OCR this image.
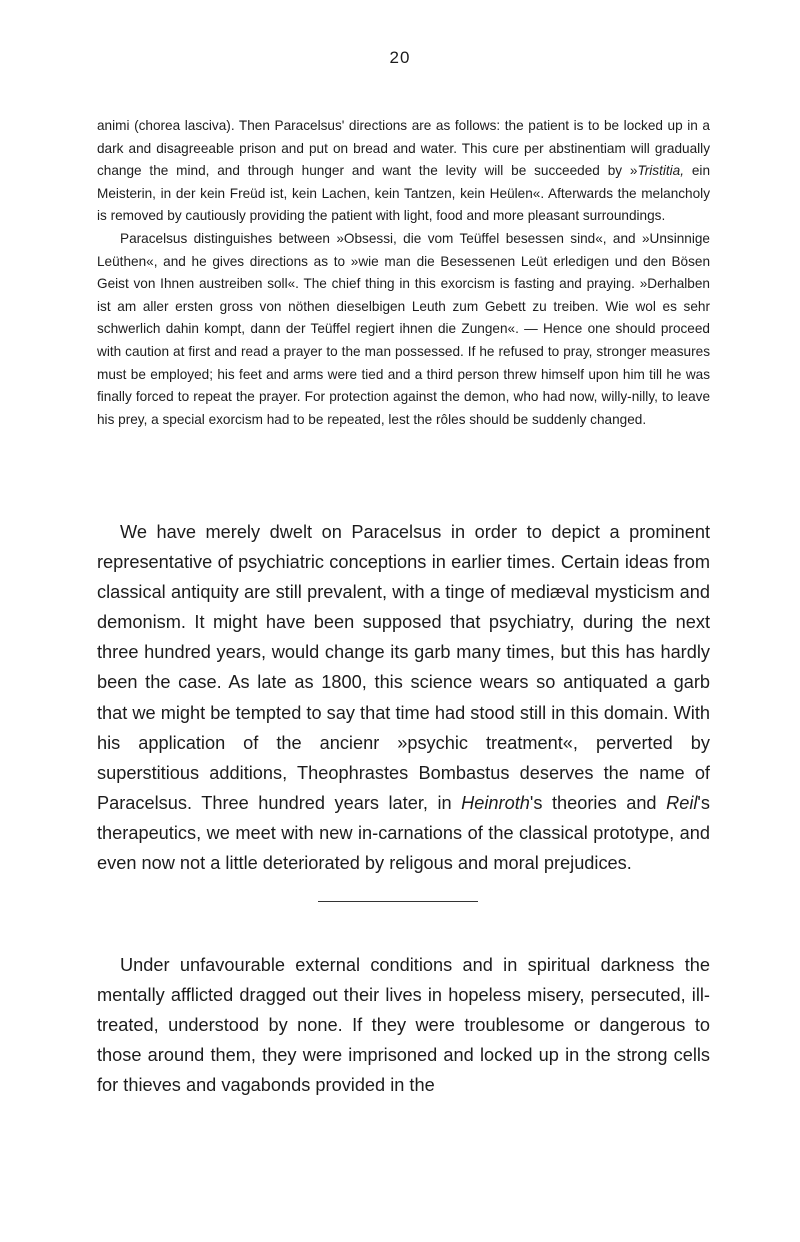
20

animi (chorea lasciva). Then Paracelsus' directions are as follows: the patient is to be locked up in a dark and disagreeable prison and put on bread and water. This cure per abstinentiam will gradually change the mind, and through hunger and want the levity will be succeeded by »Tristitia, ein Meisterin, in der kein Freüd ist, kein Lachen, kein Tantzen, kein Heülen«. Afterwards the melancholy is removed by cautiously providing the patient with light, food and more pleasant surroundings.

Paracelsus distinguishes between »Obsessi, die vom Teüffel besessen sind«, and »Unsinnige Leüthen«, and he gives directions as to »wie man die Besessenen Leüt erledigen und den Bösen Geist von Ihnen austreiben soll«. The chief thing in this exorcism is fasting and praying. »Derhalben ist am aller ersten gross von nöthen dieselbigen Leuth zum Gebett zu treiben. Wie wol es sehr schwerlich dahin kompt, dann der Teüffel regiert ihnen die Zungen«. — Hence one should proceed with caution at first and read a prayer to the man possessed. If he refused to pray, stronger measures must be employed; his feet and arms were tied and a third person threw himself upon him till he was finally forced to repeat the prayer. For protection against the demon, who had now, willy-nilly, to leave his prey, a special exorcism had to be repeated, lest the rôles should be suddenly changed.

We have merely dwelt on Paracelsus in order to depict a prominent representative of psychiatric conceptions in earlier times. Certain ideas from classical antiquity are still prevalent, with a tinge of mediæval mysticism and demonism. It might have been supposed that psychiatry, during the next three hundred years, would change its garb many times, but this has hardly been the case. As late as 1800, this science wears so antiquated a garb that we might be tempted to say that time had stood still in this domain. With his application of the ancienr »psychic treatment«, perverted by superstitious additions, Theophrastes Bombastus deserves the name of Paracelsus. Three hundred years later, in Heinroth's theories and Reil's therapeutics, we meet with new in-carnations of the classical prototype, and even now not a little deteriorated by religous and moral prejudices.

Under unfavourable external conditions and in spiritual darkness the mentally afflicted dragged out their lives in hopeless misery, persecuted, ill-treated, understood by none. If they were troublesome or dangerous to those around them, they were imprisoned and locked up in the strong cells for thieves and vagabonds provided in the
